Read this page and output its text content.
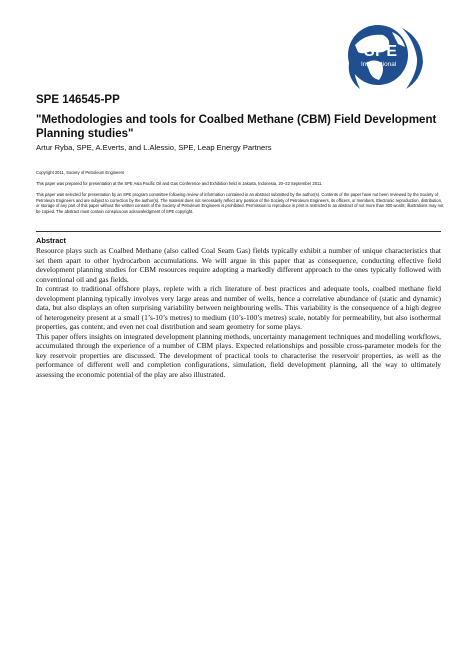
SPE
International
SPE 146545-PP
"Methodologies and tools for Coalbed Methane (CBM) Field Development Planning studies"
Artur Ryba, SPE, A.Everts, and L.Alessio, SPE, Leap Energy Partners
Copyright 2011, Society of Petroleum Engineers
This paper was prepared for presentation at the SPE Asia Pacific Oil and Gas Conference and Exhibition held in Jakarta, Indonesia, 20–22 September 2011.
This paper was selected for presentation by an SPE program committee following review of information contained in an abstract submitted by the author(s). Contents of the paper have not been reviewed by the Society of Petroleum Engineers and are subject to correction by the author(s). The material does not necessarily reflect any position of the Society of Petroleum Engineers, its officers, or members. Electronic reproduction, distribution, or storage of any part of this paper without the written consent of the Society of Petroleum Engineers is prohibited. Permission to reproduce in print is restricted to an abstract of not more than 300 words; illustrations may not be copied. The abstract must contain conspicuous acknowledgment of SPE copyright.
Abstract

Resource plays such as Coalbed Methane (also called Coal Seam Gas) fields typically exhibit a number of unique characteristics that set them apart to other hydrocarbon accumulations. We will argue in this paper that as consequence, conducting effective field development planning studies for CBM resources require adopting a markedly different approach to the ones typically followed with conventional oil and gas fields.

In contrast to traditional offshore plays, replete with a rich literature of best practices and adequate tools, coalbed methane field development planning typically involves very large areas and number of wells, hence a correlative abundance of (static and dynamic) data, but also displays an often surprising variability between neighbouring wells. This variability is the consequence of a high degree of heterogeneity present at a small (1’s-10’s metres) to medium (10’s-100’s metres) scale, notably for permeability, but also isothermal properties, gas content, and even net coal distribution and seam geometry for some plays.

This paper offers insights on integrated development planning methods, uncertainty management techniques and modelling workflows, accumulated through the experience of a number of CBM plays. Expected relationships and possible cross-parameter models for the key reservoir properties are discussed. The development of practical tools to characterise the reservoir properties, as well as the performance of different well and completion configurations, simulation, field development planning, all the way to ultimately assessing the economic potential of the play are also illustrated.
